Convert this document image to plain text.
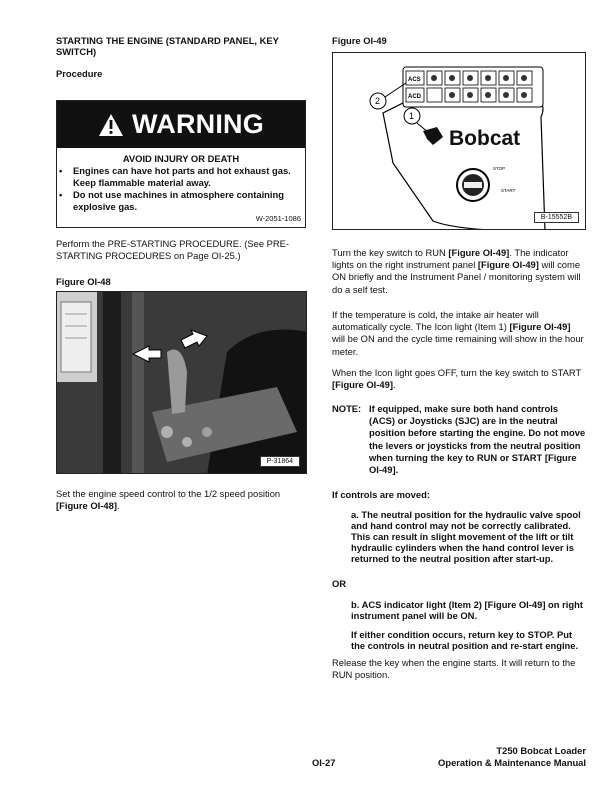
STARTING THE ENGINE (STANDARD PANEL, KEY SWITCH)
Procedure
WARNING
AVOID INJURY OR DEATH
• Engines can have hot parts and hot exhaust gas. Keep flammable material away.
• Do not use machines in atmosphere containing explosive gas.
W-2051-1086
Perform the PRE-STARTING PROCEDURE. (See PRE-STARTING PROCEDURES on Page OI-25.)
Figure OI-48
P-31864
Set the engine speed control to the 1/2 speed position [Figure OI-48].
Figure OI-49
ACS
ACD
2
1
Bobcat
STOP
START
B-15552B
Turn the key switch to RUN [Figure OI-49]. The indicator lights on the right instrument panel [Figure OI-49] will come ON briefly and the Instrument Panel / monitoring system will do a self test.
If the temperature is cold, the intake air heater will automatically cycle. The Icon light (Item 1) [Figure OI-49] will be ON and the cycle time remaining will show in the hour meter.
When the Icon light goes OFF, turn the key switch to START [Figure OI-49].
NOTE: If equipped, make sure both hand controls (ACS) or Joysticks (SJC) are in the neutral position before starting the engine. Do not move the levers or joysticks from the neutral position when turning the key to RUN or START [Figure OI-49].
If controls are moved:
a. The neutral position for the hydraulic valve spool and hand control may not be correctly calibrated. This can result in slight movement of the lift or tilt hydraulic cylinders when the hand control lever is returned to the neutral position after start-up.
OR
b. ACS indicator light (Item 2) [Figure OI-49] on right instrument panel will be ON.
If either condition occurs, return key to STOP. Put the controls in neutral position and re-start engine.
Release the key when the engine starts. It will return to the RUN position.
OI-27
T250 Bobcat Loader
Operation & Maintenance Manual
